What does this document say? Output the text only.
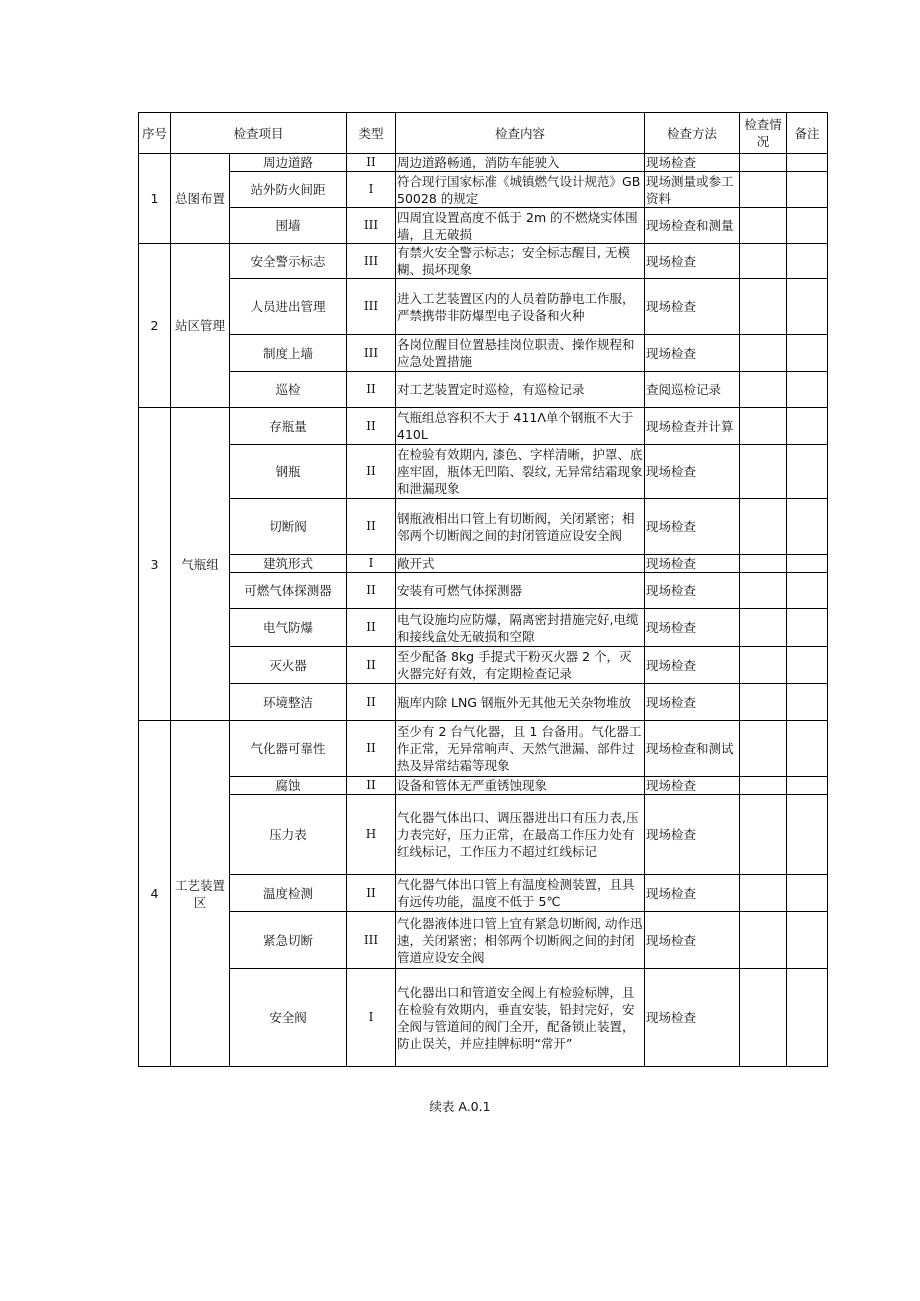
序号	检查项目		类型	检查内容	检查方法	检查情况	备注
1	总图布置	周边道路	II	周边道路畅通，消防车能驶入	现场检查		
		站外防火间距	I	符合现行国家标准《城镇燃气设计规范》GB50028 的规定	现场测量或参工资料		
		围墙	III	四周宜设置高度不低于 2m 的不燃烧实体围墙，且无破损	现场检查和测量		
2	站区管理	安全警示标志	III	有禁火安全警示标志；安全标志醒目, 无模糊、损坏现象	现场检查		
		人员进出管理	III	进入工艺装置区内的人员着防静电工作服，严禁携带非防爆型电子设备和火种	现场检查		
		制度上墙	III	各岗位醒目位置悬挂岗位职责、操作规程和应急处置措施	现场检查		
		巡检	II	对工艺装置定时巡检，有巡检记录	查阅巡检记录		
3	气瓶组	存瓶量	II	气瓶组总容积不大于 411Λ单个钢瓶不大于 410L	现场检查并计算		
		钢瓶	II	在检验有效期内, 漆色、字样清晰，护罩、底座牢固，瓶体无凹陷、裂纹, 无异常结霜现象和泄漏现象	现场检查		
		切断阀	II	钢瓶液相出口管上有切断阀，关闭紧密；相邻两个切断阀之间的封闭管道应设安全阀	现场检查		
		建筑形式	I	敞开式	现场检查		
		可燃气体探测器	II	安装有可燃气体探测器	现场检查		
		电气防爆	II	电气设施均应防爆，隔离密封措施完好,电缆和接线盒处无破损和空隙	现场检查		
		灭火器	II	至少配备 8kg 手提式干粉灭火器 2 个，灭火器完好有效，有定期检查记录	现场检查		
		环境整洁	II	瓶库内除 LNG 钢瓶外无其他无关杂物堆放	现场检查		
4	工艺装置区	气化器可靠性	II	至少有 2 台气化器，且 1 台备用。气化器工作正常，无异常响声、天然气泄漏、部件过热及异常结霜等现象	现场检查和测试		
		腐蚀	II	设备和管体无严重锈蚀现象	现场检查		
		压力表	H	气化器气体出口、调压器进出口有压力表,压力表完好，压力正常，在最高工作压力处有红线标记，工作压力不超过红线标记	现场检查		
		温度检测	II	气化器气体出口管上有温度检测装置，且具有远传功能，温度不低于 5℃	现场检查		
		紧急切断	III	气化器液体进口管上宜有紧急切断阀, 动作迅速，关闭紧密；相邻两个切断阀之间的封闭管道应设安全阀	现场检查		
		安全阀	I	气化器出口和管道安全阀上有检验标牌，且在检验有效期内，垂直安装，铅封完好，安全阀与管道间的阀门全开，配备锁止装置，防止误关，并应挂牌标明“常开”	现场检查		
续表 A.0.1
